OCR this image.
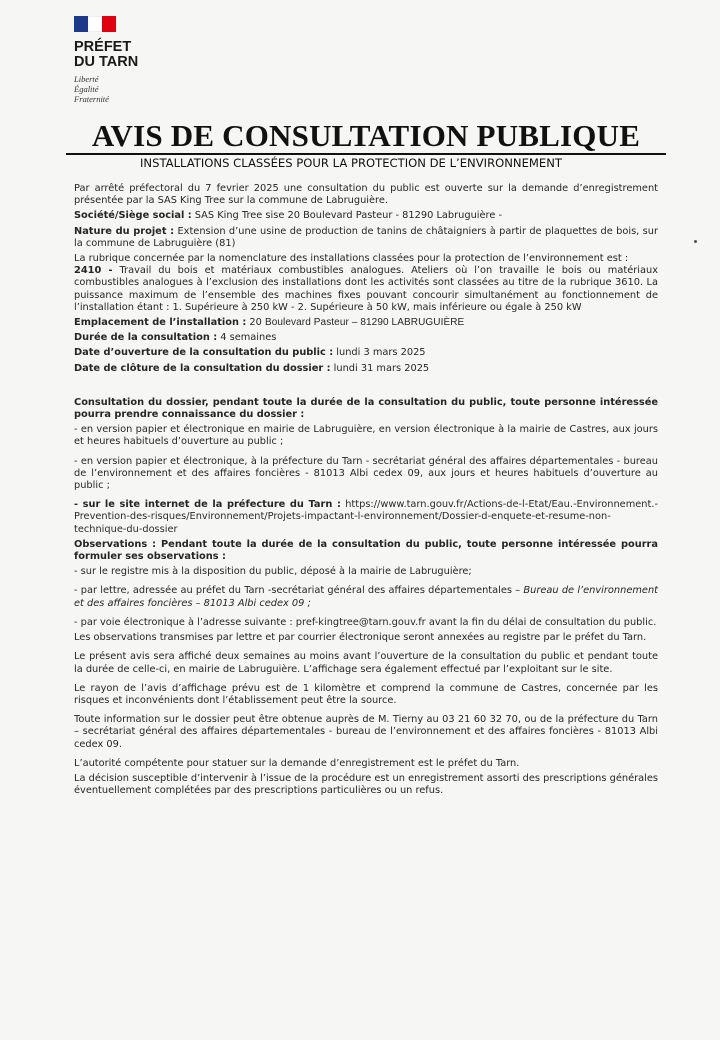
PRÉFET
DU TARN
Liberté
Égalité
Fraternité
AVIS DE CONSULTATION PUBLIQUE
INSTALLATIONS CLASSÉES POUR LA PROTECTION DE L’ENVIRONNEMENT

Par arrêté préfectoral du 7 fevrier 2025 une consultation du public est ouverte sur la demande d’enregistrement présentée par la SAS King Tree sur la commune de Labruguière.

Société/Siège social : SAS King Tree sise 20 Boulevard Pasteur - 81290 Labruguière -

Nature du projet : Extension d’une usine de production de tanins de châtaigniers à partir de plaquettes de bois, sur la commune de Labruguière (81)

La rubrique concernée par la nomenclature des installations classées pour la protection de l’environnement est :
2410 - Travail du bois et matériaux combustibles analogues. Ateliers où l’on travaille le bois ou matériaux combustibles analogues à l’exclusion des installations dont les activités sont classées au titre de la rubrique 3610. La puissance maximum de l’ensemble des machines fixes pouvant concourir simultanément au fonctionnement de l’installation étant : 1. Supérieure à 250 kW - 2. Supérieure à 50 kW, mais inférieure ou égale à 250 kW

Emplacement de l’installation : 20 Boulevard Pasteur – 81290 LABRUGUIÈRE

Durée de la consultation : 4 semaines

Date d’ouverture de la consultation du public : lundi 3 mars 2025

Date de clôture de la consultation du dossier : lundi 31 mars 2025

Consultation du dossier, pendant toute la durée de la consultation du public, toute personne intéressée pourra prendre connaissance du dossier :

- en version papier et électronique en mairie de Labruguière, en version électronique à la mairie de Castres, aux jours et heures habituels d’ouverture au public ;

- en version papier et électronique, à la préfecture du Tarn - secrétariat général des affaires départementales - bureau de l’environnement et des affaires foncières - 81013 Albi cedex 09, aux jours et heures habituels d’ouverture au public ;

- sur le site internet de la préfecture du Tarn : https://www.tarn.gouv.fr/Actions-de-l-Etat/Eau.-Environnement.-Prevention-des-risques/Environnement/Projets-impactant-l-environnement/Dossier-d-enquete-et-resume-non-technique-du-dossier

Observations : Pendant toute la durée de la consultation du public, toute personne intéressée pourra formuler ses observations :

- sur le registre mis à la disposition du public, déposé à la mairie de Labruguière;

- par lettre, adressée au préfet du Tarn -secrétariat général des affaires départementales – Bureau de l’environnement et des affaires foncières – 81013 Albi cedex 09 ;

- par voie électronique à l’adresse suivante : pref-kingtree@tarn.gouv.fr avant la fin du délai de consultation du public.

Les observations transmises par lettre et par courrier électronique seront annexées au registre par le préfet du Tarn.

Le présent avis sera affiché deux semaines au moins avant l’ouverture de la consultation du public et pendant toute la durée de celle-ci, en mairie de Labruguière. L’affichage sera également effectué par l’exploitant sur le site.

Le rayon de l’avis d’affichage prévu est de 1 kilomètre et comprend la commune de Castres, concernée par les risques et inconvénients dont l’établissement peut être la source.

Toute information sur le dossier peut être obtenue auprès de M. Tierny au 03 21 60 32 70, ou de la préfecture du Tarn – secrétariat général des affaires départementales - bureau de l’environnement et des affaires foncières - 81013 Albi cedex 09.

L’autorité compétente pour statuer sur la demande d’enregistrement est le préfet du Tarn.

La décision susceptible d’intervenir à l’issue de la procédure est un enregistrement assorti des prescriptions générales éventuellement complétées par des prescriptions particulières ou un refus.
